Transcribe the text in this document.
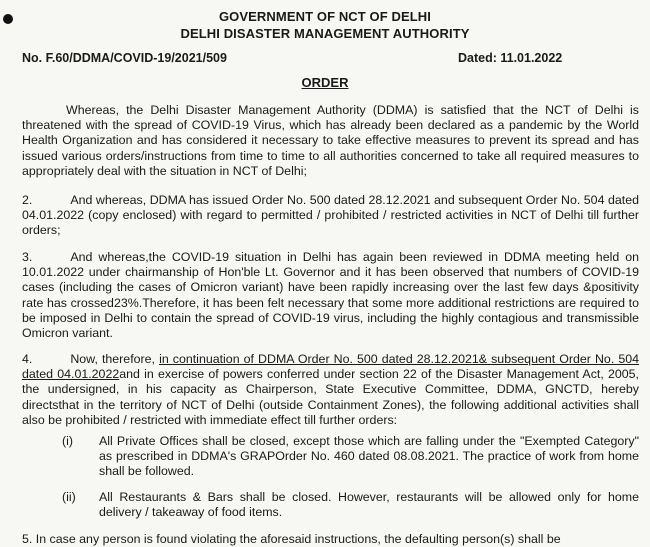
GOVERNMENT OF NCT OF DELHI
DELHI DISASTER MANAGEMENT AUTHORITY
No. F.60/DDMA/COVID-19/2021/509	Dated: 11.01.2022
ORDER
Whereas, the Delhi Disaster Management Authority (DDMA) is satisfied that the NCT of Delhi is threatened with the spread of COVID-19 Virus, which has already been declared as a pandemic by the World Health Organization and has considered it necessary to take effective measures to prevent its spread and has issued various orders/instructions from time to time to all authorities concerned to take all required measures to appropriately deal with the situation in NCT of Delhi;
2.	And whereas, DDMA has issued Order No. 500 dated 28.12.2021 and subsequent Order No. 504 dated 04.01.2022 (copy enclosed) with regard to permitted / prohibited / restricted activities in NCT of Delhi till further orders;
3.	And whereas,the COVID-19 situation in Delhi has again been reviewed in DDMA meeting held on 10.01.2022 under chairmanship of Hon'ble Lt. Governor and it has been observed that numbers of COVID-19 cases (including the cases of Omicron variant) have been rapidly increasing over the last few days &positivity rate has crossed23%.Therefore, it has been felt necessary that some more additional restrictions are required to be imposed in Delhi to contain the spread of COVID-19 virus, including the highly contagious and transmissible Omicron variant.
4.	Now, therefore, in continuation of DDMA Order No. 500 dated 28.12.2021& subsequent Order No. 504 dated 04.01.2022and in exercise of powers conferred under section 22 of the Disaster Management Act, 2005, the undersigned, in his capacity as Chairperson, State Executive Committee, DDMA, GNCTD, hereby directsthat in the territory of NCT of Delhi (outside Containment Zones), the following additional activities shall also be prohibited / restricted with immediate effect till further orders:
(i)	All Private Offices shall be closed, except those which are falling under the "Exempted Category" as prescribed in DDMA's GRAPOrder No. 460 dated 08.08.2021. The practice of work from home shall be followed.
(ii)	All Restaurants & Bars shall be closed. However, restaurants will be allowed only for home delivery / takeaway of food items.
5. In case any person is found violating the aforesaid instructions, the defaulting person(s) shall be
